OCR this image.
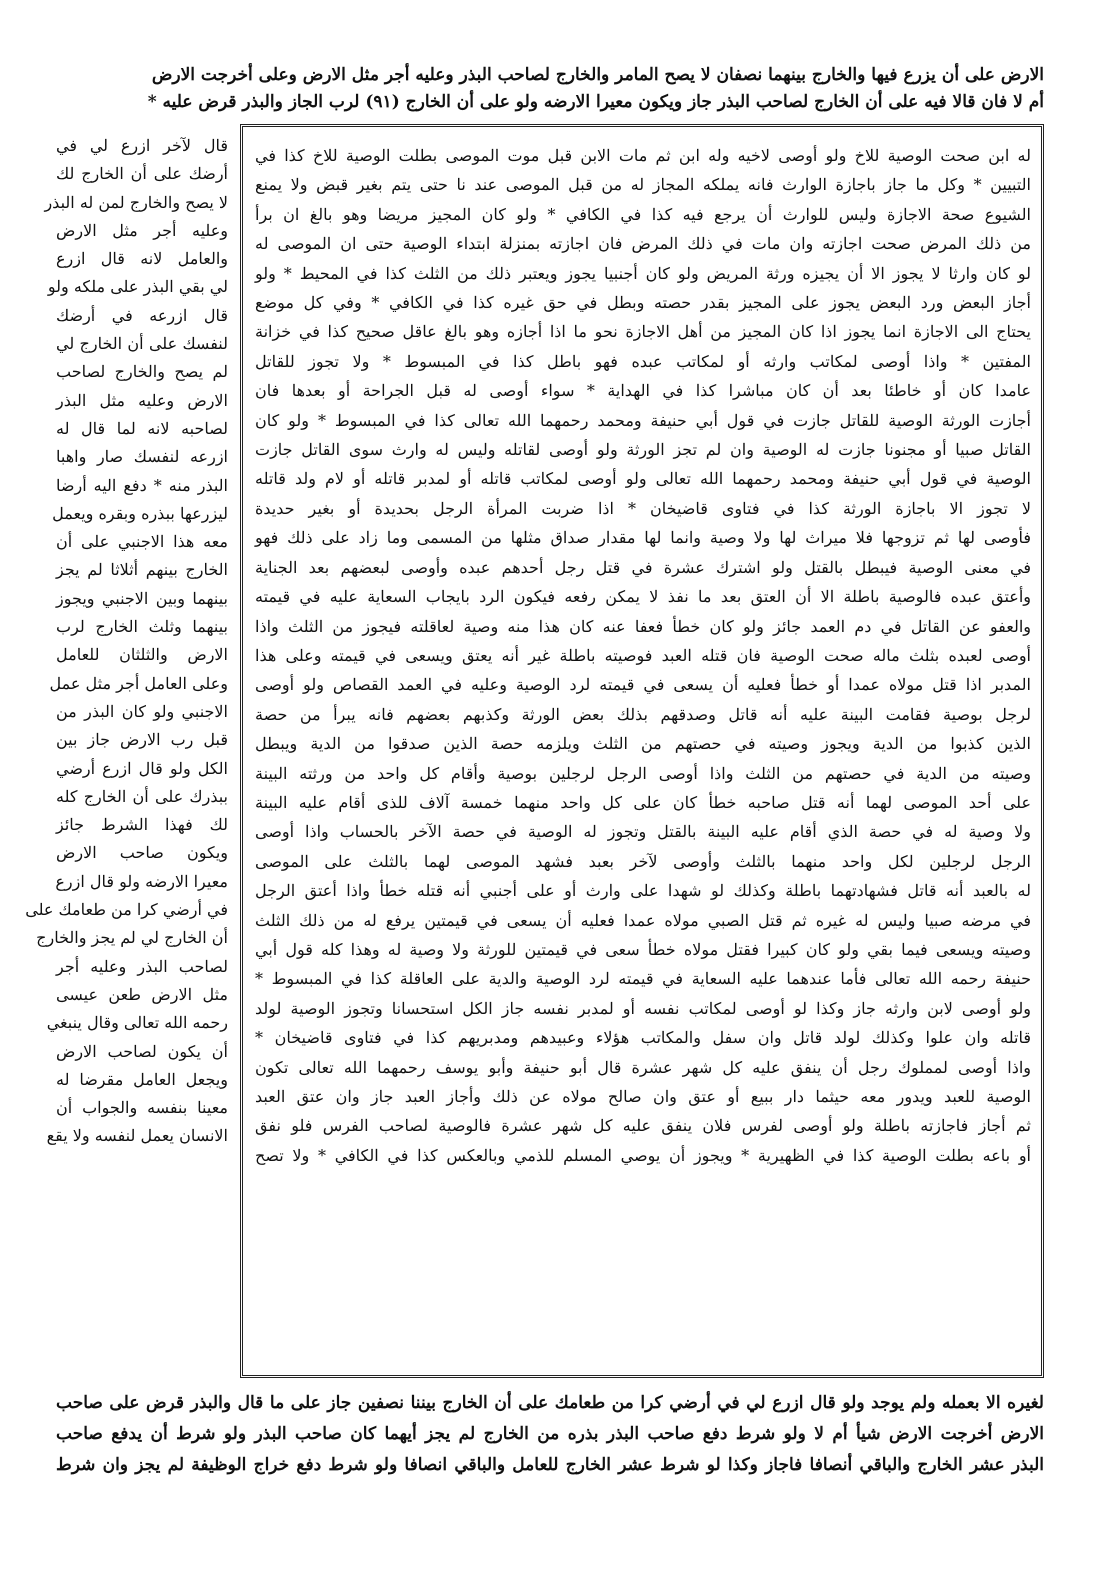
الارض على أن يزرع فيها والخارج بينهما نصفان لا يصح المامر والخارج لصاحب البذر وعليه أجر مثل الارض وعلى أخرجت الارض
أم لا فان قالا فيه على أن الخارج لصاحب البذر جاز ويكون معيرا الارضه ولو على أن الخارج (٩١) لرب الجاز والبذر قرض عليه *
له ابن صحت الوصية للاخ ولو أوصى لاخيه وله ابن ثم مات الابن قبل موت الموصى بطلت الوصية للاخ كذا في
التبيين * وكل ما جاز باجازة الوارث فانه يملكه المجاز له من قبل الموصى عند نا حتى يتم بغير قبض ولا يمنع
الشيوع صحة الاجازة وليس للوارث أن يرجع فيه كذا في الكافي * ولو كان المجيز مريضا وهو بالغ ان برأ
من ذلك المرض صحت اجازته وان مات في ذلك المرض فان اجازته بمنزلة ابتداء الوصية حتى ان الموصى له
لو كان وارثا لا يجوز الا أن يجيزه ورثة المريض ولو كان أجنبيا يجوز ويعتبر ذلك من الثلث كذا في المحيط * ولو
أجاز البعض ورد البعض يجوز على المجيز بقدر حصته وبطل في حق غيره كذا في الكافي * وفي كل موضع
يحتاج الى الاجازة انما يجوز اذا كان المجيز من أهل الاجازة نحو ما اذا أجازه وهو بالغ عاقل صحيح كذا في خزانة
المفتين * واذا أوصى لمكاتب وارثه أو لمكاتب عبده فهو باطل كذا في المبسوط * ولا تجوز للقاتل
عامدا كان أو خاطئا بعد أن كان مباشرا كذا في الهداية * سواء أوصى له قبل الجراحة أو بعدها فان
أجازت الورثة الوصية للقاتل جازت في قول أبي حنيفة ومحمد رحمهما الله تعالى كذا في المبسوط * ولو كان
القاتل صبيا أو مجنونا جازت له الوصية وان لم تجز الورثة ولو أوصى لقاتله وليس له وارث سوى القاتل جازت
الوصية في قول أبي حنيفة ومحمد رحمهما الله تعالى ولو أوصى لمكاتب قاتله أو لمدبر قاتله أو لام ولد قاتله
لا تجوز الا باجازة الورثة كذا في فتاوى قاضيخان * اذا ضربت المرأة الرجل بحديدة أو بغير حديدة
فأوصى لها ثم تزوجها فلا ميراث لها ولا وصية وانما لها مقدار صداق مثلها من المسمى وما زاد على ذلك فهو
في معنى الوصية فيبطل بالقتل ولو اشترك عشرة في قتل رجل أحدهم عبده وأوصى لبعضهم بعد الجناية
وأعتق عبده فالوصية باطلة الا أن العتق بعد ما نفذ لا يمكن رفعه فيكون الرد بايجاب السعاية عليه في قيمته
والعفو عن القاتل في دم العمد جائز ولو كان خطأ فعفا عنه كان هذا منه وصية لعاقلته فيجوز من الثلث واذا
أوصى لعبده بثلث ماله صحت الوصية فان قتله العبد فوصيته باطلة غير أنه يعتق ويسعى في قيمته وعلى هذا
المدبر اذا قتل مولاه عمدا أو خطأ فعليه أن يسعى في قيمته لرد الوصية وعليه في العمد القصاص ولو أوصى
لرجل بوصية فقامت البينة عليه أنه قاتل وصدقهم بذلك بعض الورثة وكذبهم بعضهم فانه يبرأ من حصة
الذين كذبوا من الدية ويجوز وصيته في حصتهم من الثلث ويلزمه حصة الذين صدقوا من الدية ويبطل
وصيته من الدية في حصتهم من الثلث واذا أوصى الرجل لرجلين بوصية وأقام كل واحد من ورثته البينة
على أحد الموصى لهما أنه قتل صاحبه خطأ كان على كل واحد منهما خمسة آلاف للذى أقام عليه البينة
ولا وصية له في حصة الذي أقام عليه البينة بالقتل وتجوز له الوصية في حصة الآخر بالحساب واذا أوصى
الرجل لرجلين لكل واحد منهما بالثلث وأوصى لآخر بعبد فشهد الموصى لهما بالثلث على الموصى
له بالعبد أنه قاتل فشهادتهما باطلة وكذلك لو شهدا على وارث أو على أجنبي أنه قتله خطأ واذا أعتق الرجل
في مرضه صبيا وليس له غيره ثم قتل الصبي مولاه عمدا فعليه أن يسعى في قيمتين يرفع له من ذلك الثلث
وصيته ويسعى فيما بقي ولو كان كبيرا فقتل مولاه خطأ سعى في قيمتين للورثة ولا وصية له وهذا كله قول أبي
حنيفة رحمه الله تعالى فأما عندهما عليه السعاية في قيمته لرد الوصية والدية على العاقلة كذا في المبسوط *
ولو أوصى لابن وارثه جاز وكذا لو أوصى لمكاتب نفسه أو لمدبر نفسه جاز الكل استحسانا وتجوز الوصية لولد
قاتله وان علوا وكذلك لولد قاتل وان سفل والمكاتب هؤلاء وعبيدهم ومدبريهم كذا في فتاوى قاضيخان *
واذا أوصى لمملوك رجل أن ينفق عليه كل شهر عشرة قال أبو حنيفة وأبو يوسف رحمهما الله تعالى تكون
الوصية للعبد ويدور معه حيثما دار ببيع أو عتق وان صالح مولاه عن ذلك وأجاز العبد جاز وان عتق العبد
ثم أجاز فاجازته باطلة ولو أوصى لفرس فلان ينفق عليه كل شهر عشرة فالوصية لصاحب الفرس فلو نفق
أو باعه بطلت الوصية كذا في الظهيرية * ويجوز أن يوصي المسلم للذمي وبالعكس كذا في الكافي * ولا تصح
قال لآخر ازرع لي في
أرضك على أن الخارج لك
لا يصح والخارج لمن له البذر
وعليه أجر مثل الارض
والعامل لانه قال ازرع
لي بقي البذر على ملكه ولو
قال ازرعه في أرضك
لنفسك على أن الخارج لي
لم يصح والخارج لصاحب
الارض وعليه مثل البذر
لصاحبه لانه لما قال له
ازرعه لنفسك صار واهبا
البذر منه * دفع اليه أرضا
ليزرعها ببذره وبقره ويعمل
معه هذا الاجنبي على أن
الخارج بينهم أثلاثا لم يجز
بينهما وبين الاجنبي ويجوز
بينهما وثلث الخارج لرب
الارض والثلثان للعامل
وعلى العامل أجر مثل عمل
الاجنبي ولو كان البذر من
قبل رب الارض جاز بين
الكل ولو قال ازرع أرضي
ببذرك على أن الخارج كله
لك فهذا الشرط جائز
ويكون صاحب الارض
معيرا الارضه ولو قال ازرع
في أرضي كرا من طعامك على
أن الخارج لي لم يجز والخارج
لصاحب البذر وعليه أجر
مثل الارض طعن عيسى
رحمه الله تعالى وقال ينبغي
أن يكون لصاحب الارض
ويجعل العامل مقرضا له
معينا بنفسه والجواب أن
الانسان يعمل لنفسه ولا يقع
لغيره الا بعمله ولم يوجد ولو قال ازرع لي في أرضي كرا من طعامك على أن الخارج بيننا نصفين جاز على ما قال والبذر قرض على صاحب
الارض أخرجت الارض شيأ أم لا ولو شرط دفع صاحب البذر بذره من الخارج لم يجز أيهما كان صاحب البذر ولو شرط أن يدفع صاحب
البذر عشر الخارج والباقي أنصافا فاجاز وكذا لو شرط عشر الخارج للعامل والباقي انصافا ولو شرط دفع خراج الوظيفة لم يجز وان شرط
